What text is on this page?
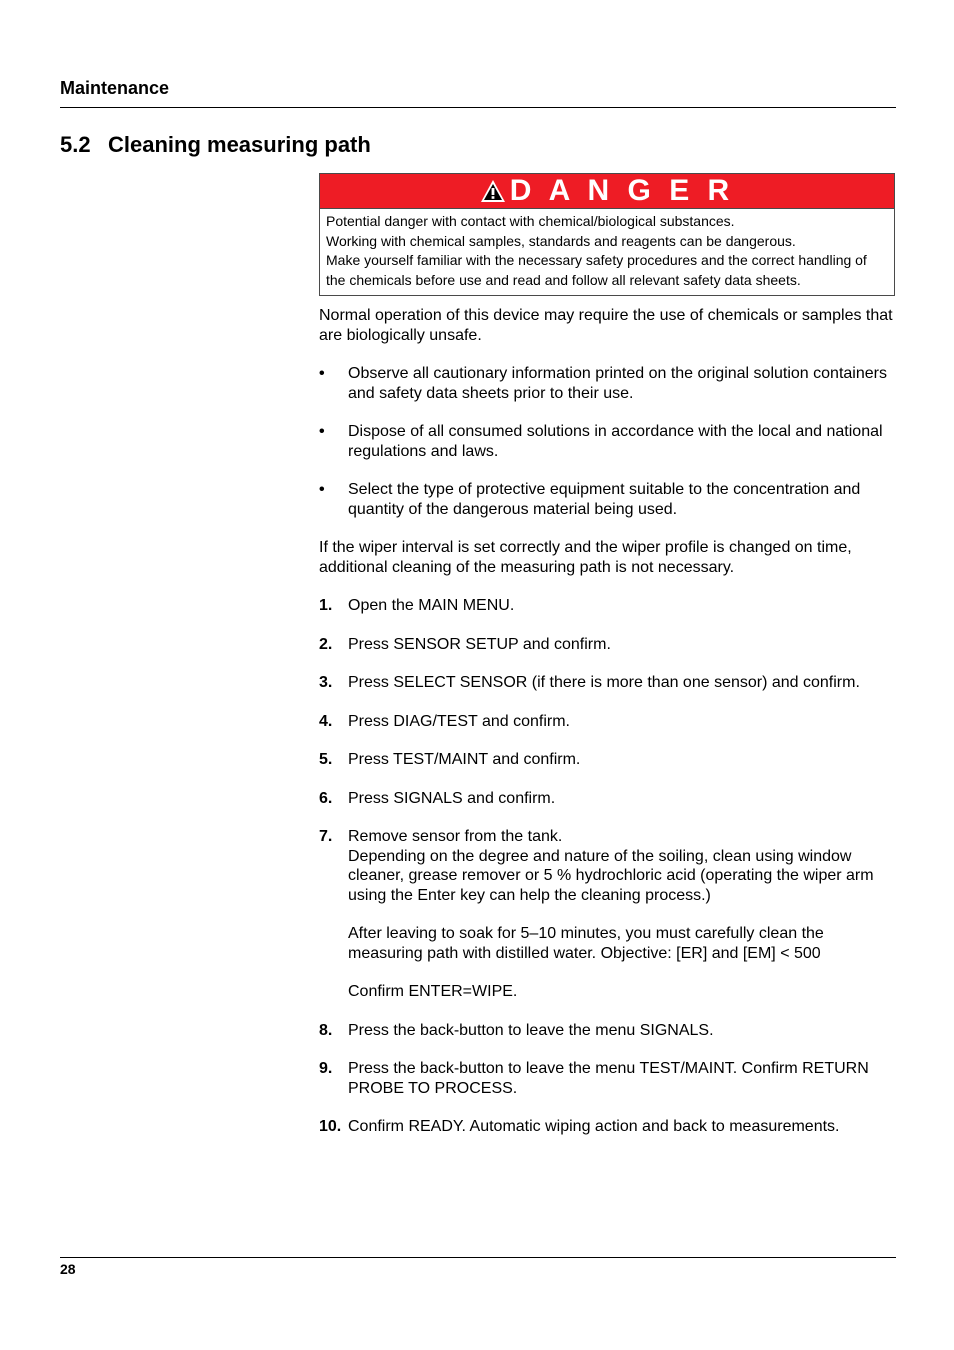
Maintenance
5.2 Cleaning measuring path
D A N G E R
Potential danger with contact with chemical/biological substances.
Working with chemical samples, standards and reagents can be dangerous.
Make yourself familiar with the necessary safety procedures and the correct handling of the chemicals before use and read and follow all relevant safety data sheets.

Normal operation of this device may require the use of chemicals or samples that are biologically unsafe.

•	Observe all cautionary information printed on the original solution containers and safety data sheets prior to their use.
•	Dispose of all consumed solutions in accordance with the local and national regulations and laws.
•	Select the type of protective equipment suitable to the concentration and quantity of the dangerous material being used.

If the wiper interval is set correctly and the wiper profile is changed on time, additional cleaning of the measuring path is not necessary.

1. Open the MAIN MENU.
2. Press SENSOR SETUP and confirm.
3. Press SELECT SENSOR (if there is more than one sensor) and confirm.
4. Press DIAG/TEST and confirm.
5. Press TEST/MAINT and confirm.
6. Press SIGNALS and confirm.
7. Remove sensor from the tank.
Depending on the degree and nature of the soiling, clean using window cleaner, grease remover or 5 % hydrochloric acid (operating the wiper arm using the Enter key can help the cleaning process.)
After leaving to soak for 5–10 minutes, you must carefully clean the measuring path with distilled water. Objective: [ER] and [EM] < 500
Confirm ENTER=WIPE.
8. Press the back-button to leave the menu SIGNALS.
9. Press the back-button to leave the menu TEST/MAINT. Confirm RETURN PROBE TO PROCESS.
10. Confirm READY. Automatic wiping action and back to measurements.
28
